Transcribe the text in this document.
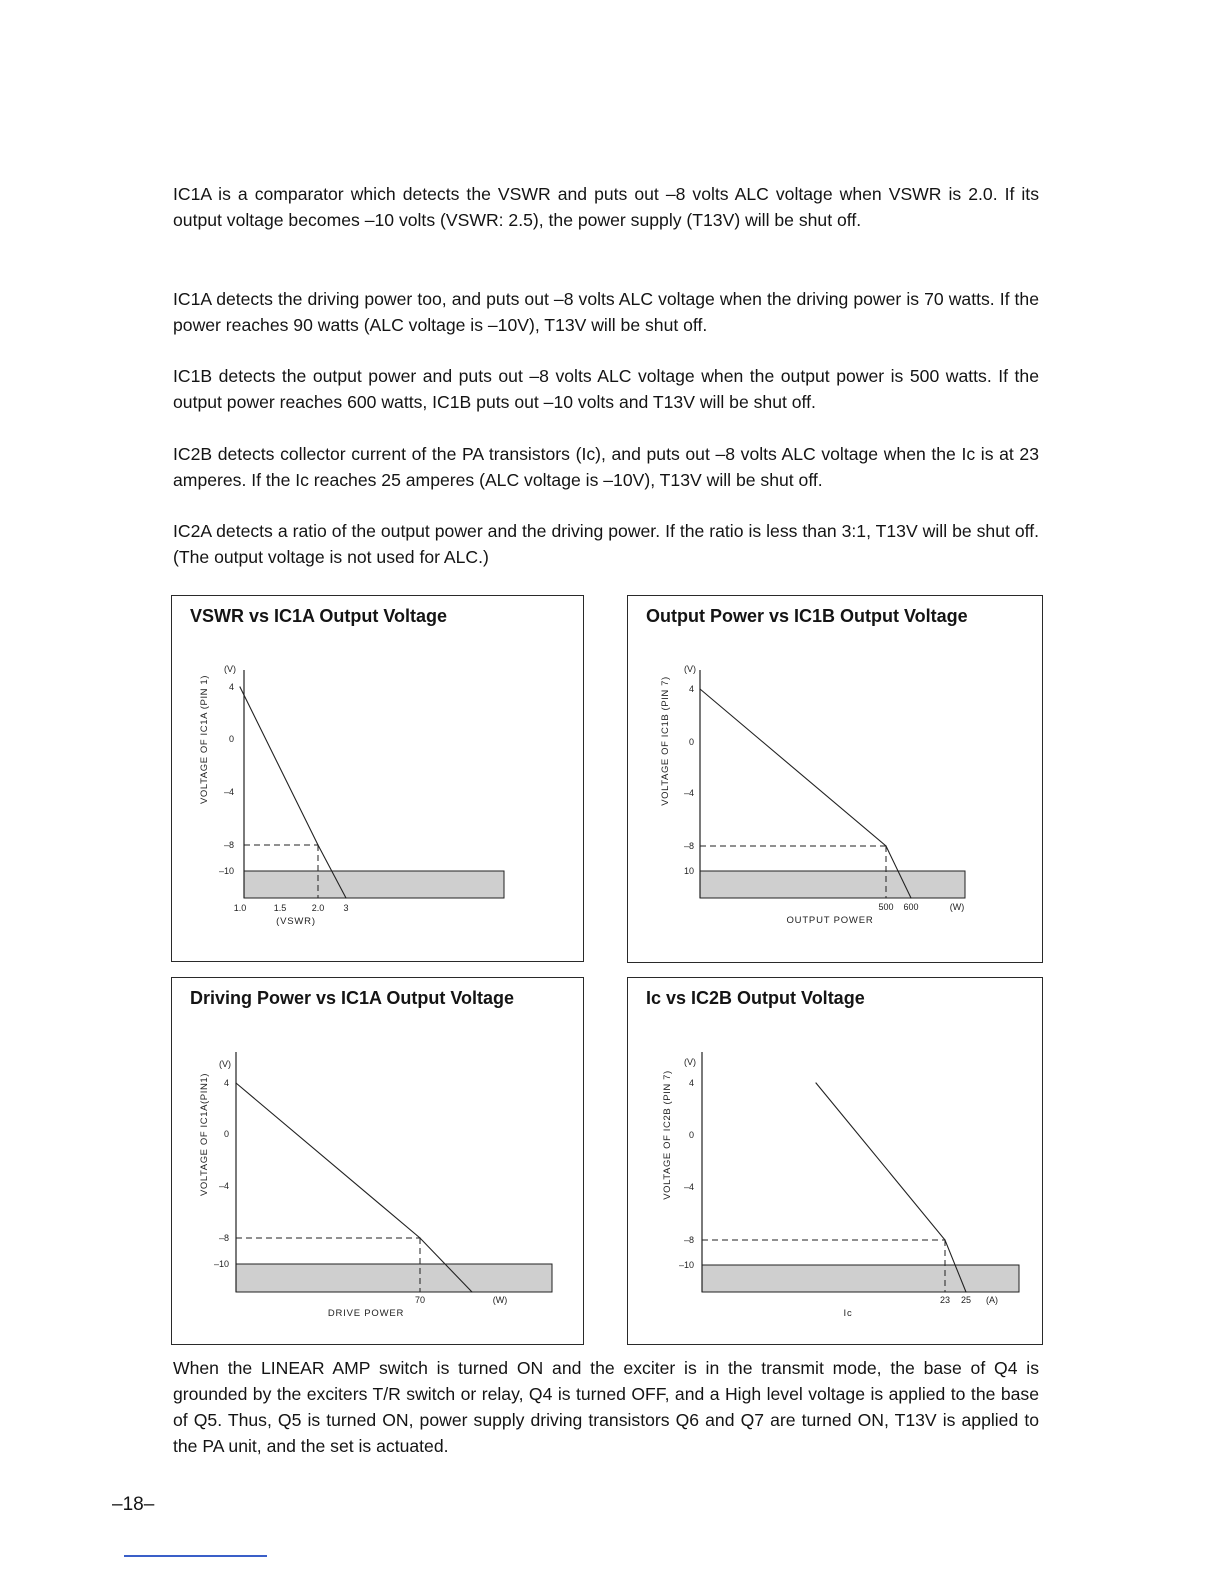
IC1A is a comparator which detects the VSWR and puts out –8 volts ALC voltage when VSWR is 2.0. If its output voltage becomes –10 volts (VSWR: 2.5), the power supply (T13V) will be shut off.

IC1A detects the driving power too, and puts out –8 volts ALC voltage when the driving power is 70 watts. If the power reaches 90 watts (ALC voltage is –10V), T13V will be shut off.

IC1B detects the output power and puts out –8 volts ALC voltage when the output power is 500 watts. If the output power reaches 600 watts, IC1B puts out –10 volts and T13V will be shut off.

IC2B detects collector current of the PA transistors (Ic), and puts out –8 volts ALC voltage when the Ic is at 23 amperes. If the Ic reaches 25 amperes (ALC voltage is –10V), T13V will be shut off.

IC2A detects a ratio of the output power and the driving power. If the ratio is less than 3:1, T13V will be shut off. (The output voltage is not used for ALC.)

VSWR vs IC1A Output Voltage
(V)
VOLTAGE OF IC1A (PIN 1) 4
0
–4
–8
–10
1.0	1.5	2.0 3
(VSWR)
Output Power vs IC1B Output Voltage
(V)
VOLTAGE OF IC1B (PIN 7) 4
0
–4
–8
10
500 600	(W)
OUTPUT POWER
Driving Power vs IC1A Output Voltage
(V)
VOLTAGE OF IC1A(PIN1) 4
0
–4
–8
–10
70	(W)
DRIVE POWER
Ic vs IC2B Output Voltage
(V)
VOLTAGE OF IC2B (PIN 7) 4
0
–4
–8
–10
23 25 (A)
Ic

When the LINEAR AMP switch is turned ON and the exciter is in the transmit mode, the base of Q4 is grounded by the exciters T/R switch or relay, Q4 is turned OFF, and a High level voltage is applied to the base of Q5. Thus, Q5 is turned ON, power supply driving transistors Q6 and Q7 are turned ON, T13V is applied to the PA unit, and the set is actuated.

–18–
